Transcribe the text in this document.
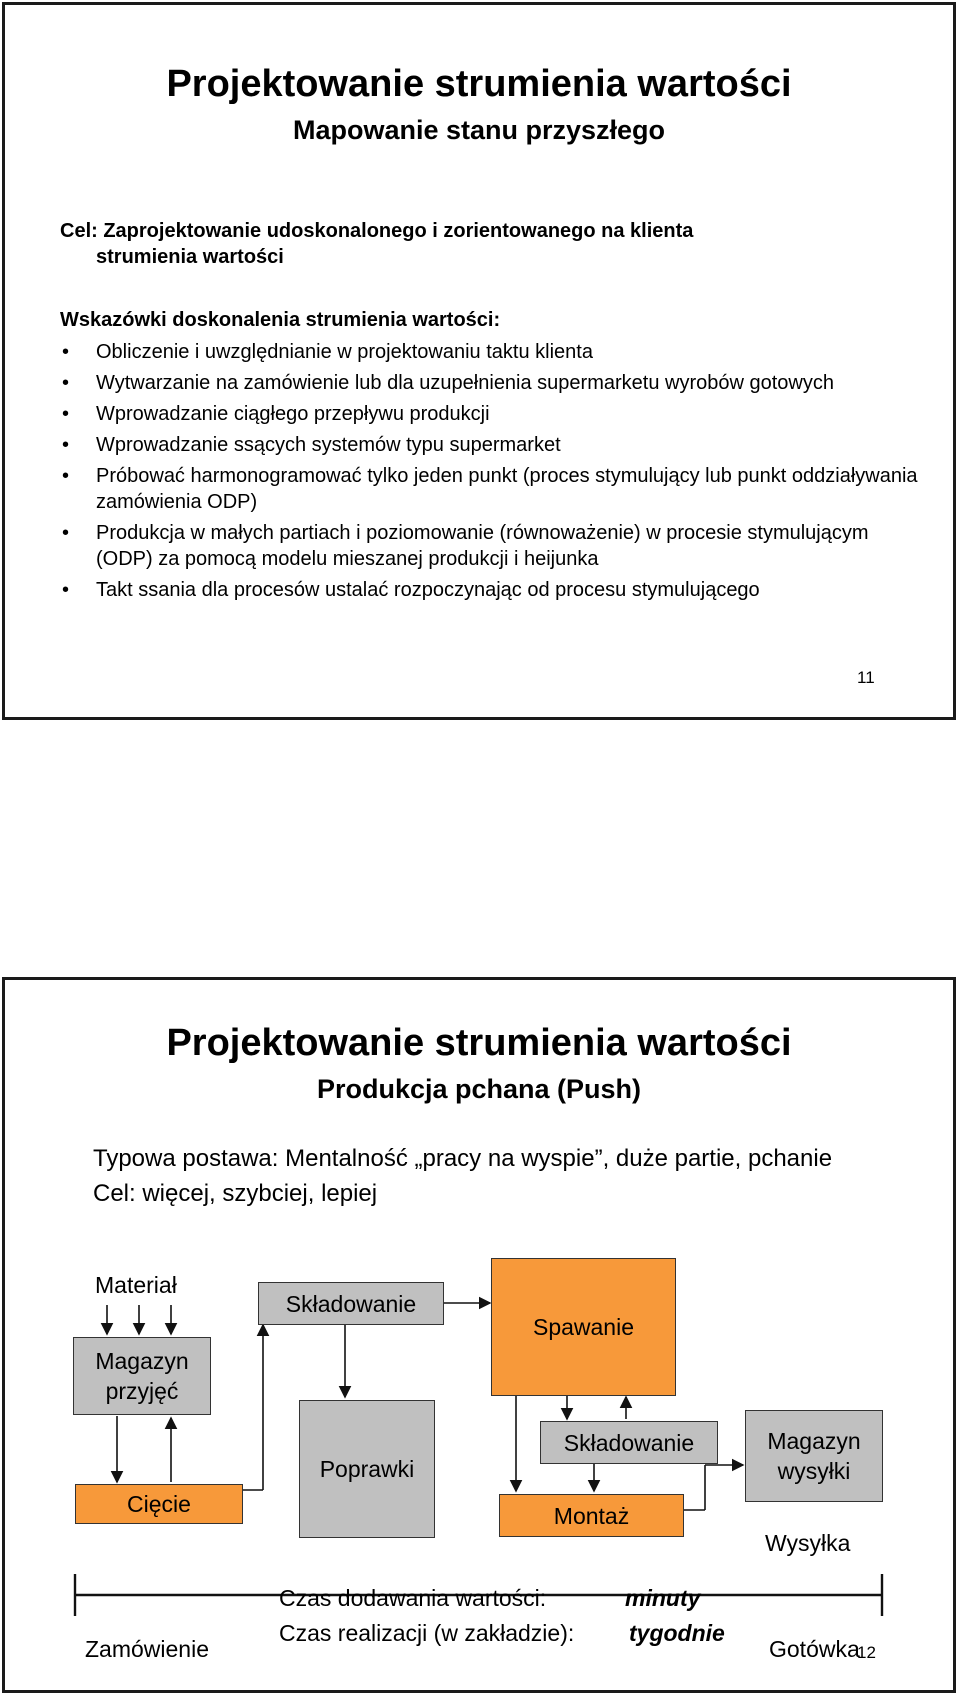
Projektowanie strumienia wartości
Mapowanie stanu przyszłego
Cel: Zaprojektowanie udoskonalonego i zorientowanego na klienta
strumienia wartości
Wskazówki doskonalenia strumienia wartości:
• Obliczenie i uwzględnianie w projektowaniu taktu klienta
• Wytwarzanie na zamówienie lub dla uzupełnienia supermarketu wyrobów gotowych
• Wprowadzanie ciągłego przepływu produkcji
• Wprowadzanie ssących systemów typu supermarket
• Próbować harmonogramować tylko jeden punkt (proces stymulujący lub punkt oddziaływania zamówienia ODP)
• Produkcja w małych partiach i poziomowanie (równoważenie) w procesie stymulującym (ODP) za pomocą modelu mieszanej produkcji i heijunka
• Takt ssania dla procesów ustalać rozpoczynając od procesu stymulującego
11
Projektowanie strumienia wartości
Produkcja pchana (Push)
Typowa postawa: Mentalność „pracy na wyspie”, duże partie, pchanie
Cel: więcej, szybciej, lepiej
Materiał
Magazyn przyjęć
Składowanie
Spawanie
Poprawki
Składowanie	Magazyn wysyłki
Cięcie	Montaż
Wysyłka
Czas dodawania wartości:	minuty
Czas realizacji (w zakładzie): tygodnie
Zamówienie	Gotówka
12
